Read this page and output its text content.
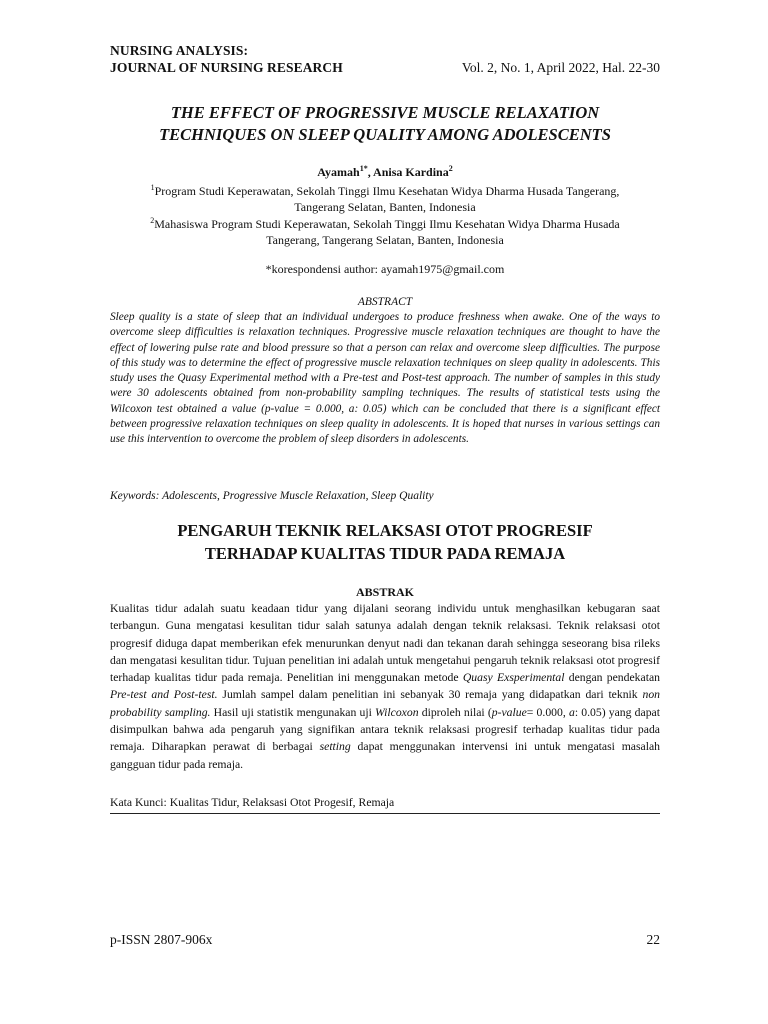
NURSING ANALYSIS:
JOURNAL OF NURSING RESEARCH	Vol. 2, No. 1, April 2022, Hal. 22-30
THE EFFECT OF PROGRESSIVE MUSCLE RELAXATION
TECHNIQUES ON SLEEP QUALITY AMONG ADOLESCENTS
Ayamah$^{1*}$, Anisa Kardina$^2$
$^1$Program Studi Keperawatan, Sekolah Tinggi Ilmu Kesehatan Widya Dharma Husada Tangerang,
Tangerang Selatan, Banten, Indonesia
$^2$Mahasiswa Program Studi Keperawatan, Sekolah Tinggi Ilmu Kesehatan Widya Dharma Husada
Tangerang, Tangerang Selatan, Banten, Indonesia
*korespondensi author: ayamah1975@gmail.com
ABSTRACT
Sleep quality is a state of sleep that an individual undergoes to produce freshness when awake. One of the ways to overcome sleep difficulties is relaxation techniques. Progressive muscle relaxation techniques are thought to have the effect of lowering pulse rate and blood pressure so that a person can relax and overcome sleep difficulties. The purpose of this study was to determine the effect of progressive muscle relaxation techniques on sleep quality in adolescents. This study uses the Quasy Experimental method with a Pre-test and Post-test approach. The number of samples in this study were 30 adolescents obtained from non-probability sampling techniques. The results of statistical tests using the Wilcoxon test obtained a value (p-value = 0.000, a: 0.05) which can be concluded that there is a significant effect between progressive relaxation techniques on sleep quality in adolescents. It is hoped that nurses in various settings can use this intervention to overcome the problem of sleep disorders in adolescents.
Keywords: Adolescents, Progressive Muscle Relaxation, Sleep Quality
PENGARUH TEKNIK RELAKSASI OTOT PROGRESIF
TERHADAP KUALITAS TIDUR PADA REMAJA
ABSTRAK
Kualitas tidur adalah suatu keadaan tidur yang dijalani seorang individu untuk menghasilkan kebugaran saat terbangun. Guna mengatasi kesulitan tidur salah satunya adalah dengan teknik relaksasi. Teknik relaksasi otot progresif diduga dapat memberikan efek menurunkan denyut nadi dan tekanan darah sehingga seseorang bisa rileks dan mengatasi kesulitan tidur. Tujuan penelitian ini adalah untuk mengetahui pengaruh teknik relaksasi otot progresif terhadap kualitas tidur pada remaja. Penelitian ini menggunakan metode Quasy Exsperimental dengan pendekatan Pre-test and Post-test. Jumlah sampel dalam penelitian ini sebanyak 30 remaja yang didapatkan dari teknik non probability sampling. Hasil uji statistik mengunakan uji Wilcoxon diproleh nilai (p-value= 0.000, a: 0.05) yang dapat disimpulkan bahwa ada pengaruh yang signifikan antara teknik relaksasi progresif terhadap kualitas tidur pada remaja. Diharapkan perawat di berbagai setting dapat menggunakan intervensi ini untuk mengatasi masalah gangguan tidur pada remaja.
Kata Kunci: Kualitas Tidur, Relaksasi Otot Progesif, Remaja
p-ISSN 2807-906x	22
